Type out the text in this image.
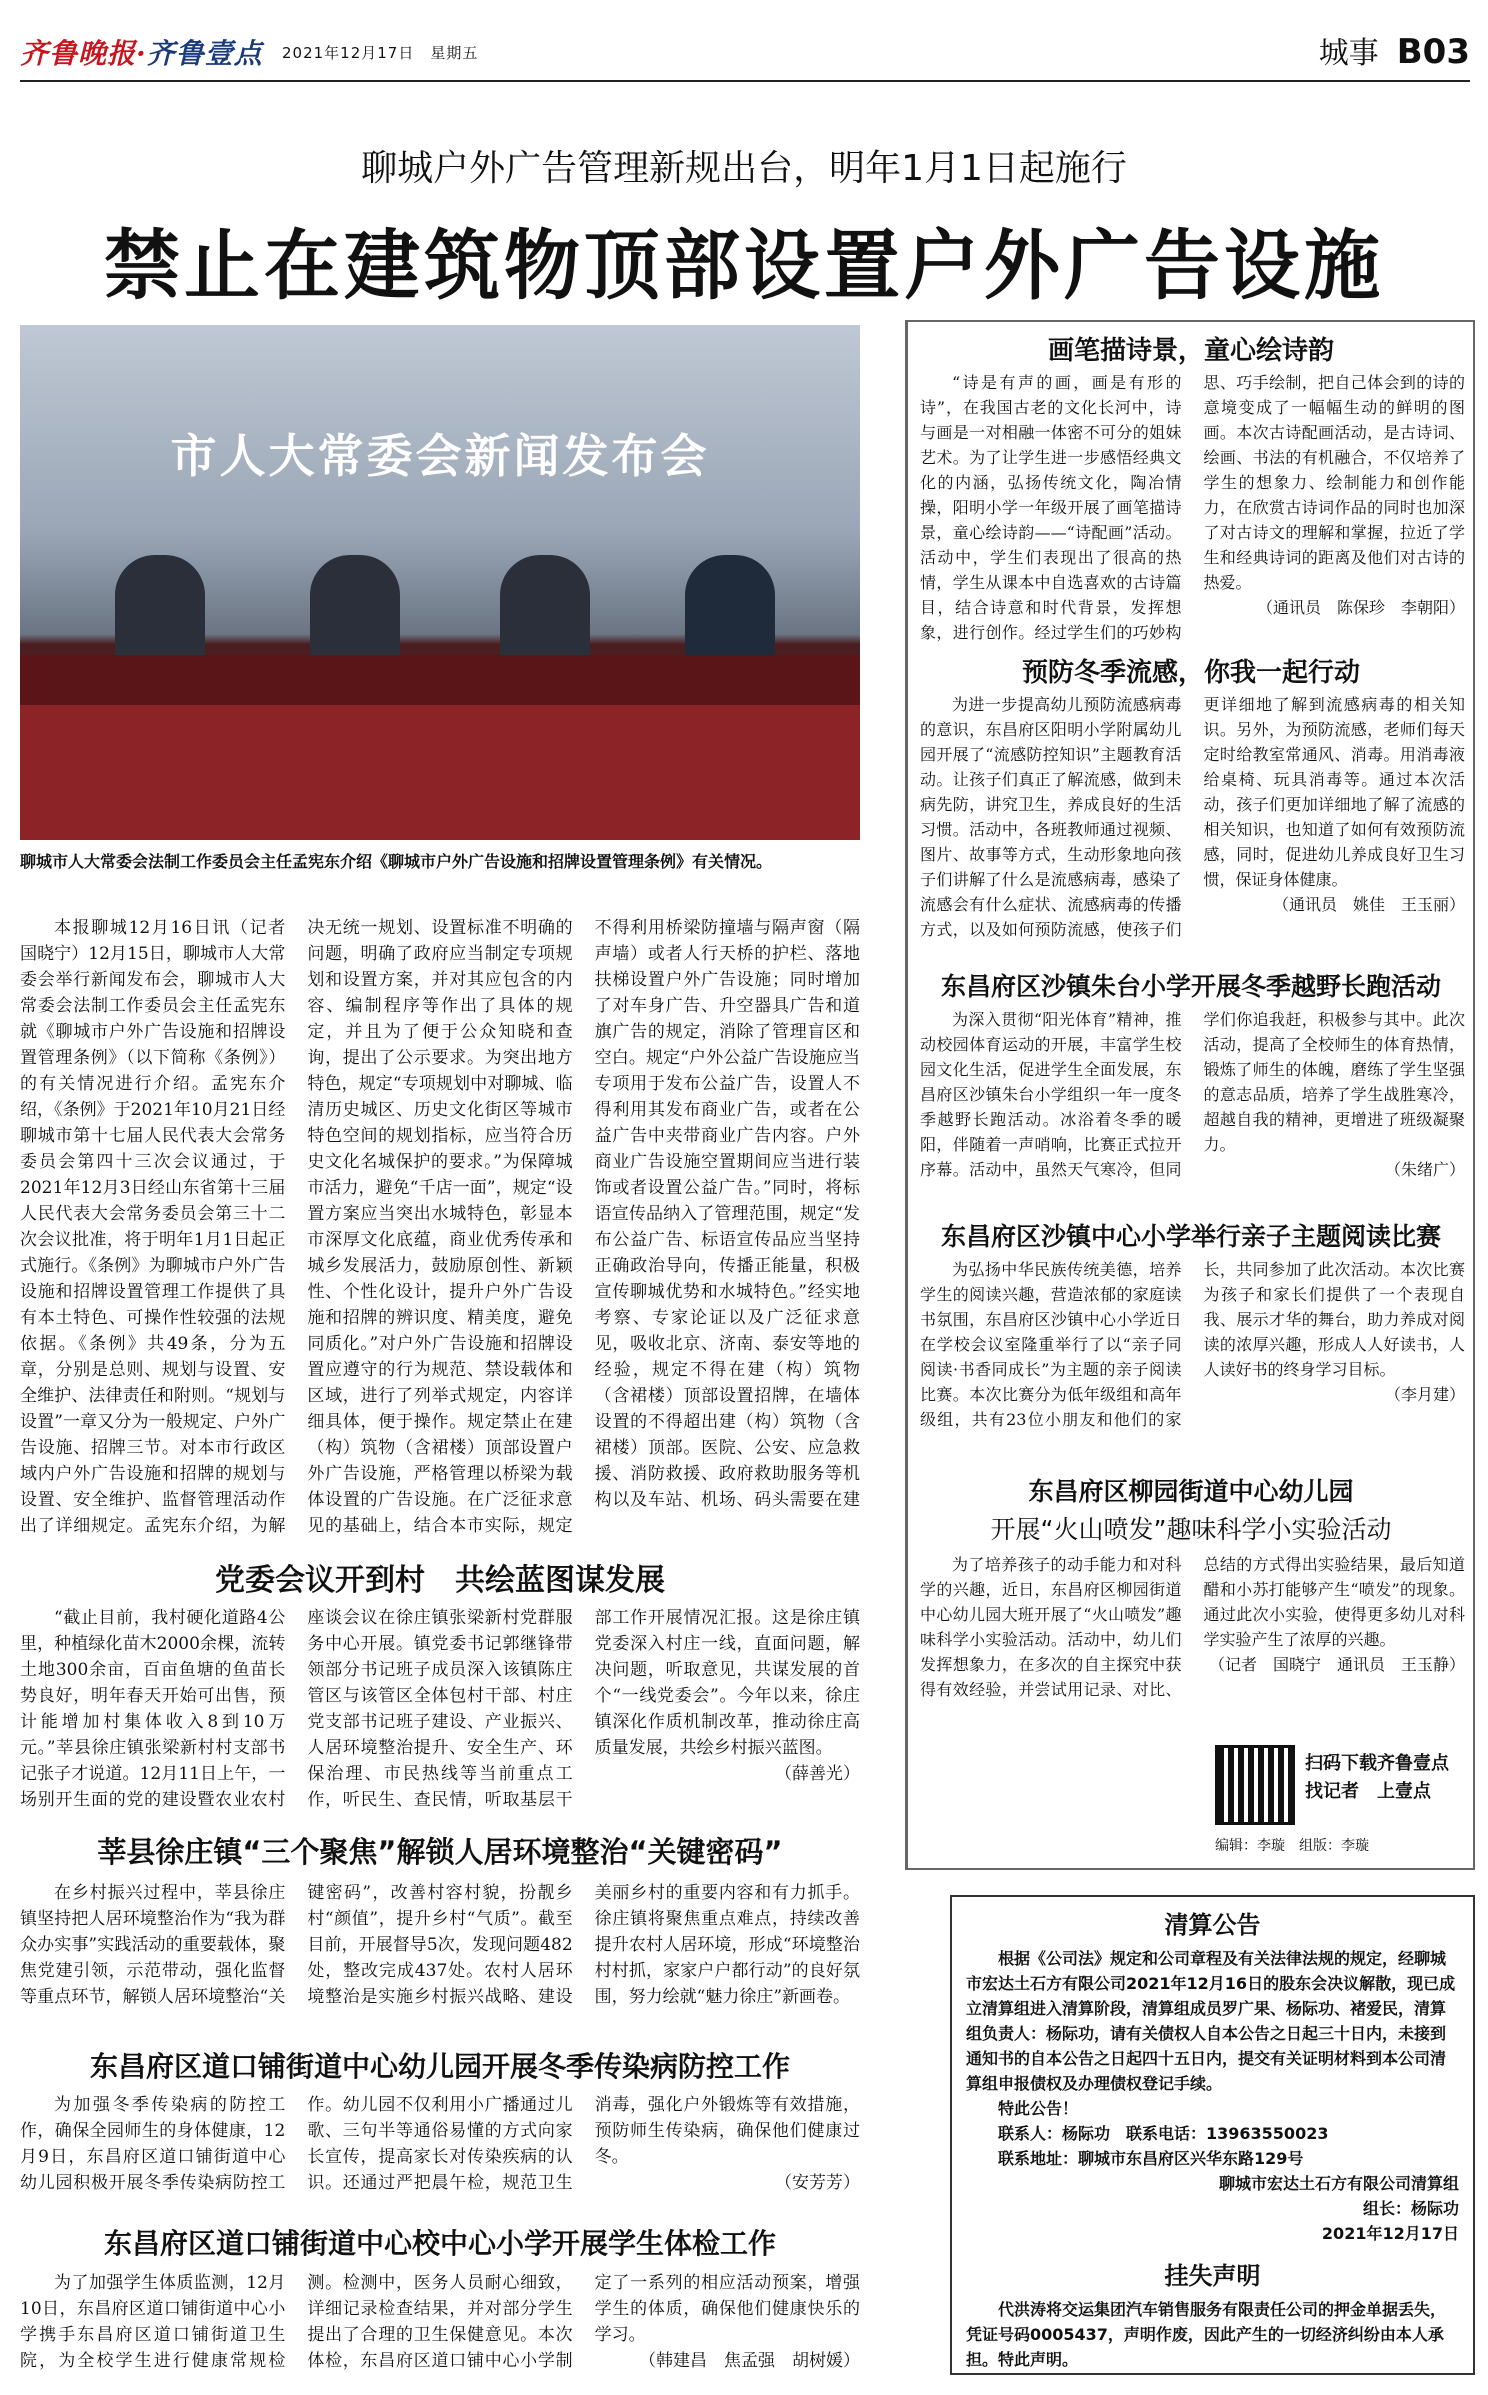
齐鲁晚报·齐鲁壹点 2021年12月17日　星期五	城事 B03
聊城户外广告管理新规出台，明年1月1日起施行
禁止在建筑物顶部设置户外广告设施
市人大常委会新闻发布会
聊城市人大常委会法制工作委员会主任孟宪东介绍《聊城市户外广告设施和招牌设置管理条例》有关情况。

本报聊城12月16日讯（记者　国晓宁）12月15日，聊城市人大常委会举行新闻发布会，聊城市人大常委会法制工作委员会主任孟宪东就《聊城市户外广告设施和招牌设置管理条例》（以下简称《条例》）的有关情况进行介绍。孟宪东介绍，《条例》于2021年10月21日经聊城市第十七届人民代表大会常务委员会第四十三次会议通过，于2021年12月3日经山东省第十三届人民代表大会常务委员会第三十二次会议批准，将于明年1月1日起正式施行。《条例》为聊城市户外广告设施和招牌设置管理工作提供了具有本土特色、可操作性较强的法规依据。《条例》共49条，分为五章，分别是总则、规划与设置、安全维护、法律责任和附则。“规划与设置”一章又分为一般规定、户外广告设施、招牌三节。对本市行政区域内户外广告设施和招牌的规划与设置、安全维护、监督管理活动作出了详细规定。孟宪东介绍，为解决无统一规划、设置标准不明确的问题，明确了政府应当制定专项规划和设置方案，并对其应包含的内容、编制程序等作出了具体的规定，并且为了便于公众知晓和查询，提出了公示要求。为突出地方特色，规定“专项规划中对聊城、临清历史城区、历史文化街区等城市特色空间的规划指标，应当符合历史文化名城保护的要求。”为保障城市活力，避免“千店一面”，规定“设置方案应当突出水城特色，彰显本市深厚文化底蕴，商业优秀传承和城乡发展活力，鼓励原创性、新颖性、个性化设计，提升户外广告设施和招牌的辨识度、精美度，避免同质化。”对户外广告设施和招牌设置应遵守的行为规范、禁设载体和区域，进行了列举式规定，内容详细具体，便于操作。规定禁止在建（构）筑物（含裙楼）顶部设置户外广告设施，严格管理以桥梁为载体设置的广告设施。在广泛征求意见的基础上，结合本市实际，规定不得利用桥梁防撞墙与隔声窗（隔声墙）或者人行天桥的护栏、落地扶梯设置户外广告设施；同时增加了对车身广告、升空器具广告和道旗广告的规定，消除了管理盲区和空白。规定“户外公益广告设施应当专项用于发布公益广告，设置人不得利用其发布商业广告，或者在公益广告中夹带商业广告内容。户外商业广告设施空置期间应当进行装饰或者设置公益广告。”同时，将标语宣传品纳入了管理范围，规定“发布公益广告、标语宣传品应当坚持正确政治导向，传播正能量，积极宣传聊城优势和水城特色。”经实地考察、专家论证以及广泛征求意见，吸收北京、济南、泰安等地的经验，规定不得在建（构）筑物（含裙楼）顶部设置招牌，在墙体设置的不得超出建（构）筑物（含裙楼）顶部。医院、公安、应急救援、消防救援、政府救助服务等机构以及车站、机场、码头需要在建

党委会议开到村　共绘蓝图谋发展

“截止目前，我村硬化道路4公里，种植绿化苗木2000余棵，流转土地300余亩，百亩鱼塘的鱼苗长势良好，明年春天开始可出售，预计能增加村集体收入8到10万元。”莘县徐庄镇张梁新村村支部书记张子才说道。12月11日上午，一场别开生面的党的建设暨农业农村座谈会议在徐庄镇张梁新村党群服务中心开展。镇党委书记郭继锋带领部分书记班子成员深入该镇陈庄管区与该管区全体包村干部、村庄党支部书记班子建设、产业振兴、人居环境整治提升、安全生产、环保治理、市民热线等当前重点工作，听民生、查民情，听取基层干部工作开展情况汇报。这是徐庄镇党委深入村庄一线，直面问题，解决问题，听取意见，共谋发展的首个“一线党委会”。今年以来，徐庄镇深化作质机制改革，推动徐庄高质量发展，共绘乡村振兴蓝图。

（薛善光）
莘县徐庄镇“三个聚焦”解锁人居环境整治“关键密码”

在乡村振兴过程中，莘县徐庄镇坚持把人居环境整治作为“我为群众办实事”实践活动的重要载体，聚焦党建引领，示范带动，强化监督等重点环节，解锁人居环境整治“关键密码”，改善村容村貌，扮靓乡村“颜值”，提升乡村“气质”。截至目前，开展督导5次，发现问题482处，整改完成437处。农村人居环境整治是实施乡村振兴战略、建设美丽乡村的重要内容和有力抓手。徐庄镇将聚焦重点难点，持续改善提升农村人居环境，形成“环境整治村村抓，家家户户都行动”的良好氛围，努力绘就“魅力徐庄”新画卷。

东昌府区道口铺街道中心幼儿园开展冬季传染病防控工作

为加强冬季传染病的防控工作，确保全园师生的身体健康，12月9日，东昌府区道口铺街道中心幼儿园积极开展冬季传染病防控工作。幼儿园不仅利用小广播通过儿歌、三句半等通俗易懂的方式向家长宣传，提高家长对传染疾病的认识。还通过严把晨午检，规范卫生消毒，强化户外锻炼等有效措施，预防师生传染病，确保他们健康过冬。

（安芳芳）
东昌府区道口铺街道中心校中心小学开展学生体检工作

为了加强学生体质监测，12月10日，东昌府区道口铺街道中心小学携手东昌府区道口铺街道卫生院，为全校学生进行健康常规检测。检测中，医务人员耐心细致，详细记录检查结果，并对部分学生提出了合理的卫生保健意见。本次体检，东昌府区道口铺中心小学制定了一系列的相应活动预案，增强学生的体质，确保他们健康快乐的学习。

（韩建昌　焦孟强　胡树媛）
画笔描诗景，童心绘诗韵

“诗是有声的画，画是有形的诗”，在我国古老的文化长河中，诗与画是一对相融一体密不可分的姐妹艺术。为了让学生进一步感悟经典文化的内涵，弘扬传统文化，陶冶情操，阳明小学一年级开展了画笔描诗景，童心绘诗韵——“诗配画”活动。活动中，学生们表现出了很高的热情，学生从课本中自选喜欢的古诗篇目，结合诗意和时代背景，发挥想象，进行创作。经过学生们的巧妙构思、巧手绘制，把自己体会到的诗的意境变成了一幅幅生动的鲜明的图画。本次古诗配画活动，是古诗词、绘画、书法的有机融合，不仅培养了学生的想象力、绘制能力和创作能力，在欣赏古诗词作品的同时也加深了对古诗文的理解和掌握，拉近了学生和经典诗词的距离及他们对古诗的热爱。

（通讯员　陈保珍　李朝阳）
预防冬季流感，你我一起行动

为进一步提高幼儿预防流感病毒的意识，东昌府区阳明小学附属幼儿园开展了“流感防控知识”主题教育活动。让孩子们真正了解流感，做到未病先防，讲究卫生，养成良好的生活习惯。活动中，各班教师通过视频、图片、故事等方式，生动形象地向孩子们讲解了什么是流感病毒，感染了流感会有什么症状、流感病毒的传播方式，以及如何预防流感，使孩子们更详细地了解到流感病毒的相关知识。另外，为预防流感，老师们每天定时给教室常通风、消毒。用消毒液给桌椅、玩具消毒等。通过本次活动，孩子们更加详细地了解了流感的相关知识，也知道了如何有效预防流感，同时，促进幼儿养成良好卫生习惯，保证身体健康。

（通讯员　姚佳　王玉丽）
东昌府区沙镇朱台小学开展冬季越野长跑活动

为深入贯彻“阳光体育”精神，推动校园体育运动的开展，丰富学生校园文化生活，促进学生全面发展，东昌府区沙镇朱台小学组织一年一度冬季越野长跑活动。冰浴着冬季的暖阳，伴随着一声哨响，比赛正式拉开序幕。活动中，虽然天气寒冷，但同学们你追我赶，积极参与其中。此次活动，提高了全校师生的体育热情，锻炼了师生的体魄，磨练了学生坚强的意志品质，培养了学生战胜寒冷，超越自我的精神，更增进了班级凝聚力。

（朱绪广）
东昌府区沙镇中心小学举行亲子主题阅读比赛

为弘扬中华民族传统美德，培养学生的阅读兴趣，营造浓郁的家庭读书氛围，东昌府区沙镇中心小学近日在学校会议室隆重举行了以“亲子同阅读·书香同成长”为主题的亲子阅读比赛。本次比赛分为低年级组和高年级组，共有23位小朋友和他们的家长，共同参加了此次活动。本次比赛为孩子和家长们提供了一个表现自我、展示才华的舞台，助力养成对阅读的浓厚兴趣，形成人人好读书，人人读好书的终身学习目标。

（李月建）
东昌府区柳园街道中心幼儿园
开展“火山喷发”趣味科学小实验活动

为了培养孩子的动手能力和对科学的兴趣，近日，东昌府区柳园街道中心幼儿园大班开展了“火山喷发”趣味科学小实验活动。活动中，幼儿们发挥想象力，在多次的自主探究中获得有效经验，并尝试用记录、对比、总结的方式得出实验结果，最后知道醋和小苏打能够产生“喷发”的现象。通过此次小实验，使得更多幼儿对科学实验产生了浓厚的兴趣。

（记者　国晓宁　通讯员　王玉静）
扫码下载齐鲁壹点
找记者　上壹点
编辑：李璇　组版：李璇
清算公告

根据《公司法》规定和公司章程及有关法律法规的规定，经聊城市宏达土石方有限公司2021年12月16日的股东会决议解散，现已成立清算组进入清算阶段，清算组成员罗广果、杨际功、褚爱民，清算组负责人：杨际功，请有关债权人自本公告之日起三十日内，未接到通知书的自本公告之日起四十五日内，提交有关证明材料到本公司清算组申报债权及办理债权登记手续。

特此公告！

联系人：杨际功　联系电话：13963550023

联系地址：聊城市东昌府区兴华东路129号

聊城市宏达土石方有限公司清算组
组长：杨际功
2021年12月17日
挂失声明

代洪涛将交运集团汽车销售服务有限责任公司的押金单据丢失，凭证号码0005437，声明作废，因此产生的一切经济纠纷由本人承担。特此声明。
